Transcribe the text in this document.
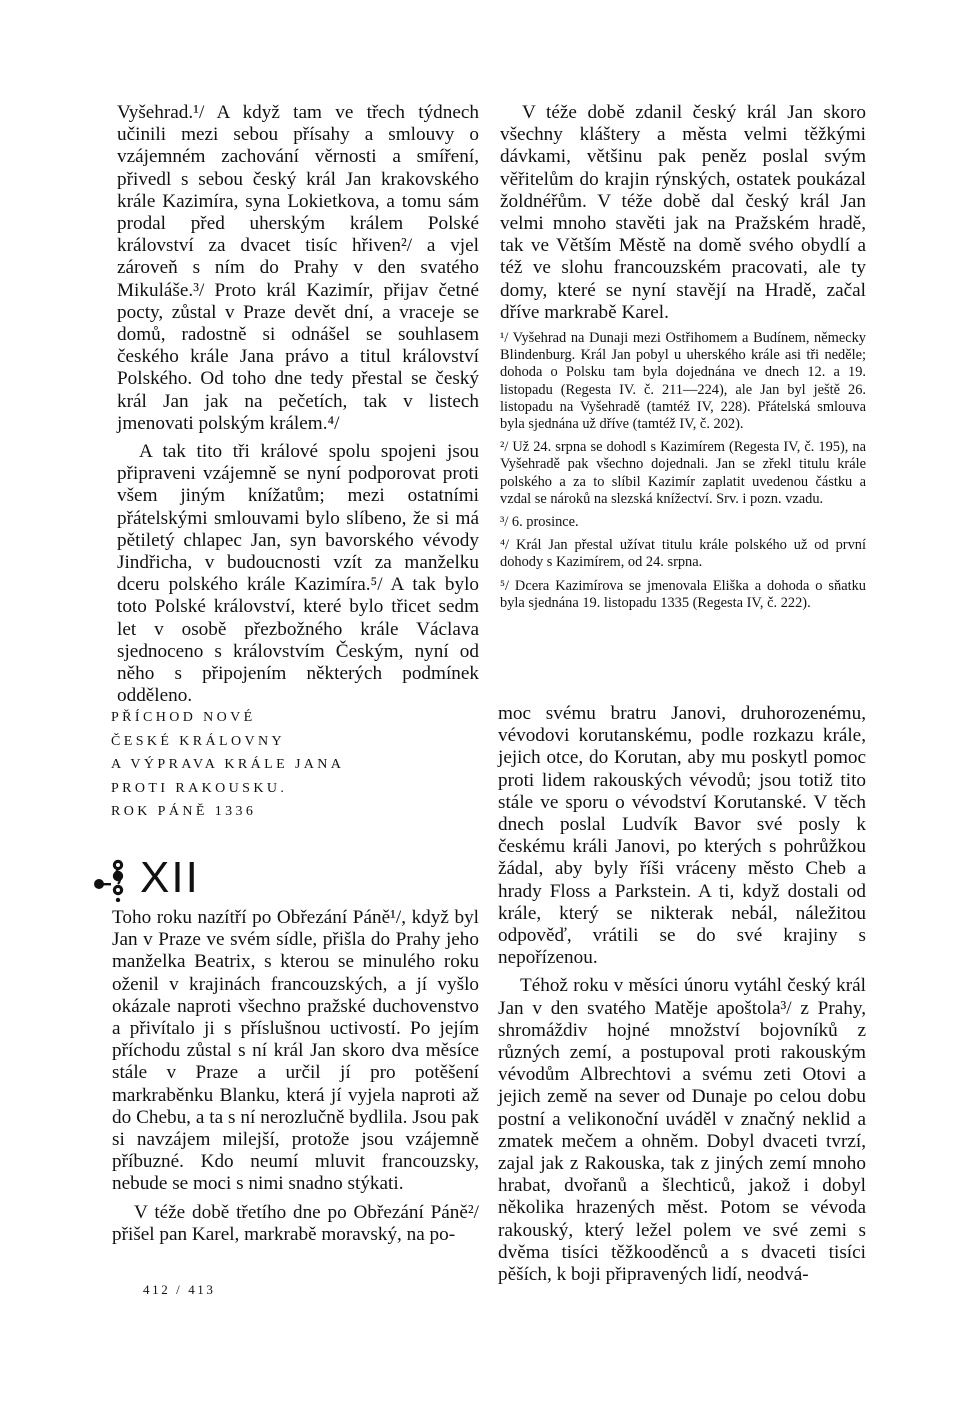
Vyšehrad.¹/ A když tam ve třech týdnech učinili mezi sebou přísahy a smlouvy o vzájemném zachování věrnosti a smíření, přivedl s sebou český král Jan krakovského krále Kazimíra, syna Lokietkova, a tomu sám prodal před uherským králem Polské království za dvacet tisíc hřiven²/ a vjel zároveň s ním do Prahy v den svatého Mikuláše.³/ Proto král Kazimír, přijav četné pocty, zůstal v Praze devět dní, a vraceje se domů, radostně si odnášel se souhlasem českého krále Jana právo a titul království Polského. Od toho dne tedy přestal se český král Jan jak na pečetích, tak v listech jmenovati polským králem.⁴/

A tak tito tři králové spolu spojeni jsou připraveni vzájemně se nyní podporovat proti všem jiným knížatům; mezi ostatními přátelskými smlouvami bylo slíbeno, že si má pětiletý chlapec Jan, syn bavorského vévody Jindřicha, v budoucnosti vzít za manželku dceru polského krále Kazimíra.⁵/ A tak bylo toto Polské království, které bylo třicet sedm let v osobě přezbožného krále Václava sjednoceno s královstvím Českým, nyní od něho s připojením některých podmínek odděleno.

V téže době zdanil český král Jan skoro všechny kláštery a města velmi těžkými dávkami, většinu pak peněz poslal svým věřitelům do krajin rýnských, ostatek poukázal žoldnéřům. V téže době dal český král Jan velmi mnoho stavěti jak na Pražském hradě, tak ve Větším Městě na domě svého obydlí a též ve slohu francouzském pracovati, ale ty domy, které se nyní stavějí na Hradě, začal dříve markrabě Karel.

¹/ Vyšehrad na Dunaji mezi Ostřihomem a Budínem, německy Blindenburg. Král Jan pobyl u uherského krále asi tři neděle; dohoda o Polsku tam byla dojednána ve dnech 12. a 19. listopadu (Regesta IV. č. 211—224), ale Jan byl ještě 26. listopadu na Vyšehradě (tamtéž IV, 228). Přátelská smlouva byla sjednána už dříve (tamtéž IV, č. 202).

²/ Už 24. srpna se dohodl s Kazimírem (Regesta IV, č. 195), na Vyšehradě pak všechno dojednali. Jan se zřekl titulu krále polského a za to slíbil Kazimír zaplatit uvedenou částku a vzdal se nároků na slezská knížectví. Srv. i pozn. vzadu.

³/ 6. prosince.

⁴/ Král Jan přestal užívat titulu krále polského už od první dohody s Kazimírem, od 24. srpna.

⁵/ Dcera Kazimírova se jmenovala Eliška a dohoda o sňatku byla sjednána 19. listopadu 1335 (Regesta IV, č. 222).

PŘÍCHOD NOVÉ
ČESKÉ KRÁLOVNY
A VÝPRAVA KRÁLE JANA
PROTI RAKOUSKU.
ROK PÁNĚ 1336
XII

Toho roku nazítří po Obřezání Páně¹/, když byl Jan v Praze ve svém sídle, přišla do Prahy jeho manželka Beatrix, s kterou se minulého roku oženil v krajinách francouzských, a jí vyšlo okázale naproti všechno pražské duchovenstvo a přivítalo ji s příslušnou uctivostí. Po jejím příchodu zůstal s ní král Jan skoro dva měsíce stále v Praze a určil jí pro potěšení markraběnku Blanku, která jí vyjela naproti až do Chebu, a ta s ní nerozlučně bydlila. Jsou pak si navzájem milejší, protože jsou vzájemně příbuzné. Kdo neumí mluvit francouzsky, nebude se moci s nimi snadno stýkati.

V téže době třetího dne po Obřezání Páně²/ přišel pan Karel, markrabě moravský, na po-

moc svému bratru Janovi, druhorozenému, vévodovi korutanskému, podle rozkazu krále, jejich otce, do Korutan, aby mu poskytl pomoc proti lidem rakouských vévodů; jsou totiž tito stále ve sporu o vévodství Korutanské. V těch dnech poslal Ludvík Bavor své posly k českému králi Janovi, po kterých s pohrůžkou žádal, aby byly říši vráceny město Cheb a hrady Floss a Parkstein. A ti, když dostali od krále, který se nikterak nebál, náležitou odpověď, vrátili se do své krajiny s nepořízenou.

Téhož roku v měsíci únoru vytáhl český král Jan v den svatého Matěje apoštola³/ z Prahy, shromáždiv hojné množství bojovníků z různých zemí, a postupoval proti rakouským vévodům Albrechtovi a svému zeti Otovi a jejich země na sever od Dunaje po celou dobu postní a velikonoční uváděl v značný neklid a zmatek mečem a ohněm. Dobyl dvaceti tvrzí, zajal jak z Rakouska, tak z jiných zemí mnoho hrabat, dvořanů a šlechticů, jakož i dobyl několika hrazených měst. Potom se vévoda rakouský, který ležel polem ve své zemi s dvěma tisíci těžkooděnců a s dvaceti tisíci pěších, k boji připravených lidí, neodvá-

412 / 413
